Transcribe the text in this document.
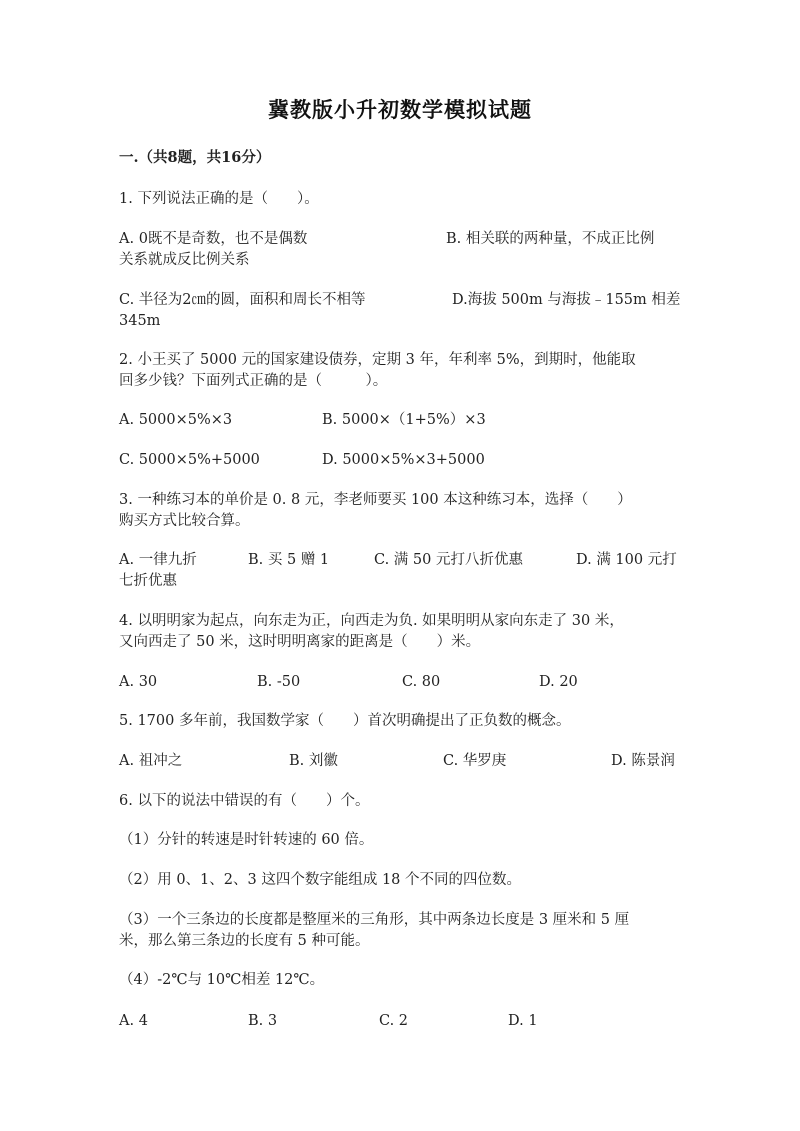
冀教版小升初数学模拟试题
一.（共8题，共16分）
1. 下列说法正确的是（　　）。
A. 0既不是奇数，也不是偶数	B. 相关联的两种量，不成正比例
关系就成反比例关系
C. 半径为2㎝的圆，面积和周长不相等	D.海拔 500m 与海拔﹣155m 相差
345m
2. 小王买了 5000 元的国家建设债券，定期 3 年，年利率 5%，到期时，他能取
回多少钱？下面列式正确的是（　　　）。
A. 5000×5%×3	B. 5000×（1+5%）×3
C. 5000×5%+5000	D. 5000×5%×3+5000
3. 一种练习本的单价是 0. 8 元，李老师要买 100 本这种练习本，选择（　　）
购买方式比较合算。
A. 一律九折	B. 买 5 赠 1	C. 满 50 元打八折优惠	D. 满 100 元打
七折优惠
4. 以明明家为起点，向东走为正，向西走为负. 如果明明从家向东走了 30 米，
又向西走了 50 米，这时明明离家的距离是（　　）米。
A. 30	B. -50	C. 80	D. 20
5. 1700 多年前，我国数学家（　　）首次明确提出了正负数的概念。
A. 祖冲之	B. 刘徽	C. 华罗庚	D. 陈景润
6. 以下的说法中错误的有（　　）个。
（1）分针的转速是时针转速的 60 倍。
（2）用 0、1、2、3 这四个数字能组成 18 个不同的四位数。
（3）一个三条边的长度都是整厘米的三角形，其中两条边长度是 3 厘米和 5 厘
米，那么第三条边的长度有 5 种可能。
（4）-2℃与 10℃相差 12℃。
A. 4	B. 3	C. 2	D. 1
